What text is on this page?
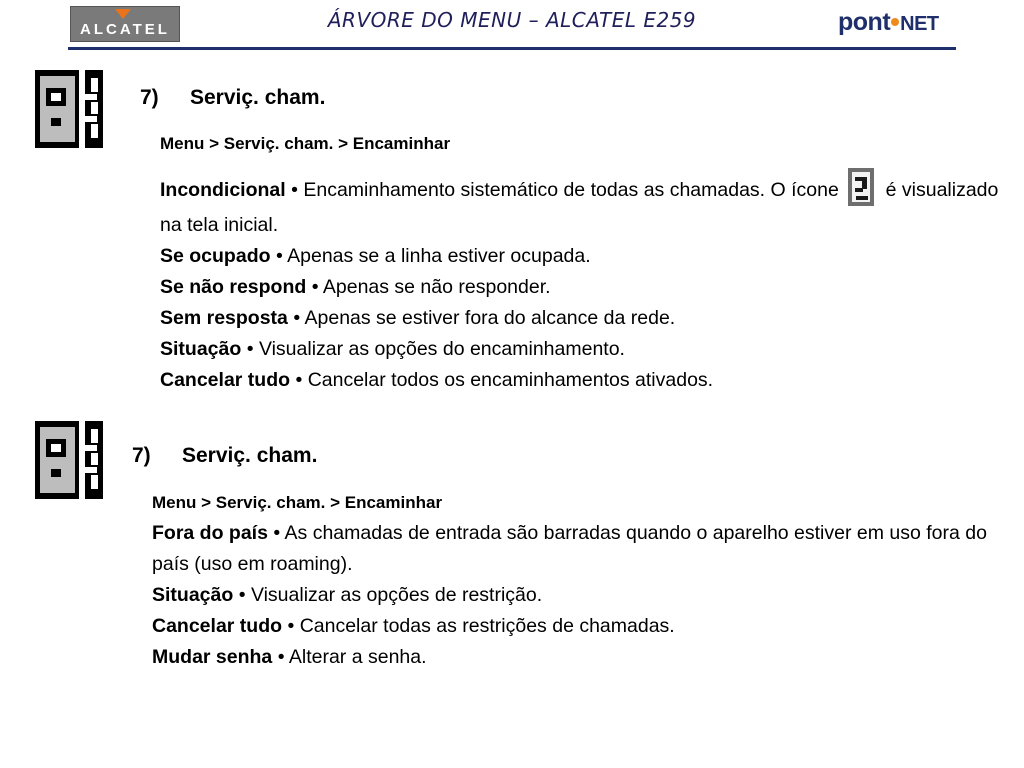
ALCATEL	ÁRVORE DO MENU – ALCATEL E259	pont NET
7) Serviç. cham.
Menu > Serviç. cham. > Encaminhar
Incondicional • Encaminhamento sistemático de todas as chamadas. O ícone  é visualizado na tela inicial.
Se ocupado • Apenas se a linha estiver ocupada.
Se não respond • Apenas se não responder.
Sem resposta • Apenas se estiver fora do alcance da rede.
Situação • Visualizar as opções do encaminhamento.
Cancelar tudo • Cancelar todos os encaminhamentos ativados.
7) Serviç. cham.
Menu > Serviç. cham. > Encaminhar
Fora do país • As chamadas de entrada são barradas quando o aparelho estiver em uso fora do país (uso em roaming).
Situação • Visualizar as opções de restrição.
Cancelar tudo • Cancelar todas as restrições de chamadas.
Mudar senha • Alterar a senha.
